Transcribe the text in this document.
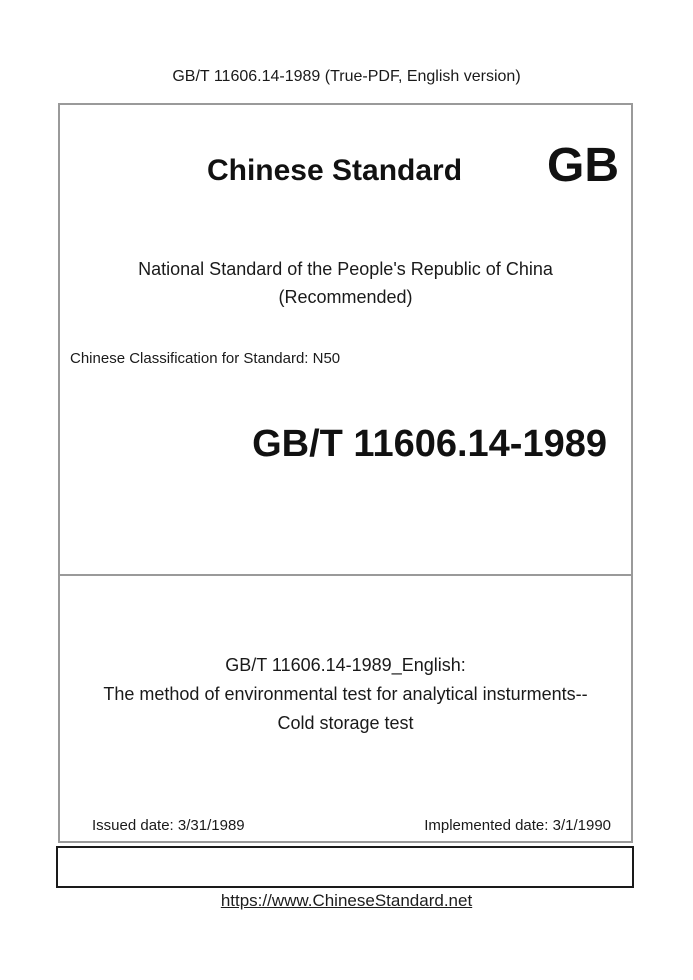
GB/T 11606.14-1989 (True-PDF, English version)
Chinese Standard	GB
National Standard of the People's Republic of China
(Recommended)
Chinese Classification for Standard: N50
GB/T 11606.14-1989
GB/T 11606.14-1989_English:
The method of environmental test for analytical insturments--
Cold storage test
Issued date: 3/31/1989	Implemented date: 3/1/1990
https://www.ChineseStandard.net
